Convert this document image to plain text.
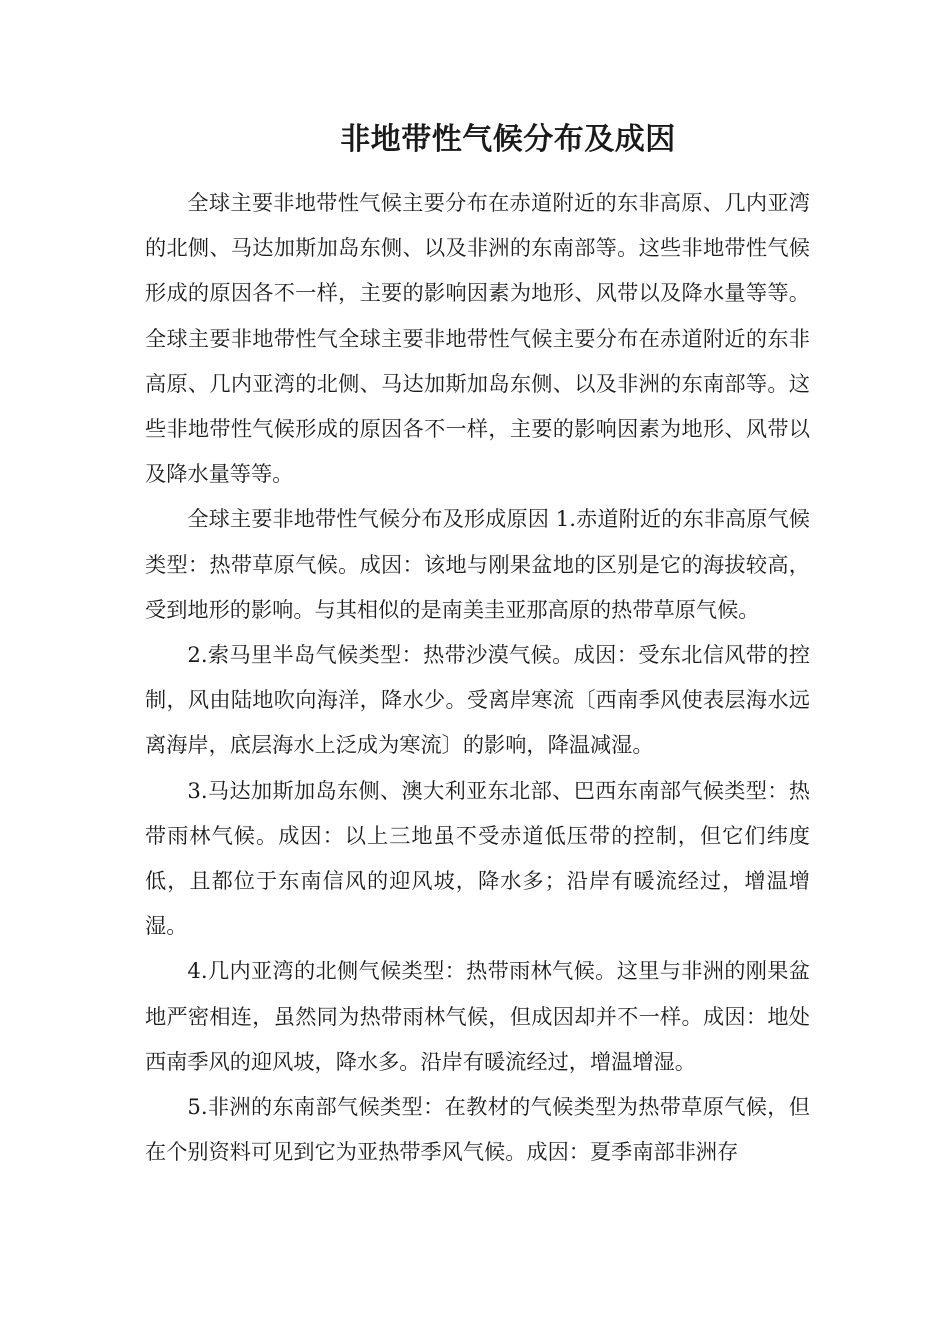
非地带性气候分布及成因

全球主要非地带性气候主要分布在赤道附近的东非高原、几内亚湾的北侧、马达加斯加岛东侧、以及非洲的东南部等。这些非地带性气候形成的原因各不一样，主要的影响因素为地形、风带以及降水量等等。全球主要非地带性气全球主要非地带性气候主要分布在赤道附近的东非高原、几内亚湾的北侧、马达加斯加岛东侧、以及非洲的东南部等。这些非地带性气候形成的原因各不一样，主要的影响因素为地形、风带以及降水量等等。

全球主要非地带性气候分布及形成原因 1.赤道附近的东非高原气候类型：热带草原气候。成因：该地与刚果盆地的区别是它的海拔较高，受到地形的影响。与其相似的是南美圭亚那高原的热带草原气候。

2.索马里半岛气候类型：热带沙漠气候。成因：受东北信风带的控制，风由陆地吹向海洋，降水少。受离岸寒流〔西南季风使表层海水远离海岸，底层海水上泛成为寒流〕的影响，降温减湿。

3.马达加斯加岛东侧、澳大利亚东北部、巴西东南部气候类型：热带雨林气候。成因：以上三地虽不受赤道低压带的控制，但它们纬度低，且都位于东南信风的迎风坡，降水多；沿岸有暖流经过，增温增湿。

4.几内亚湾的北侧气候类型：热带雨林气候。这里与非洲的刚果盆地严密相连，虽然同为热带雨林气候，但成因却并不一样。成因：地处西南季风的迎风坡，降水多。沿岸有暖流经过，增温增湿。

5.非洲的东南部气候类型：在教材的气候类型为热带草原气候，但在个别资料可见到它为亚热带季风气候。成因：夏季南部非洲存
